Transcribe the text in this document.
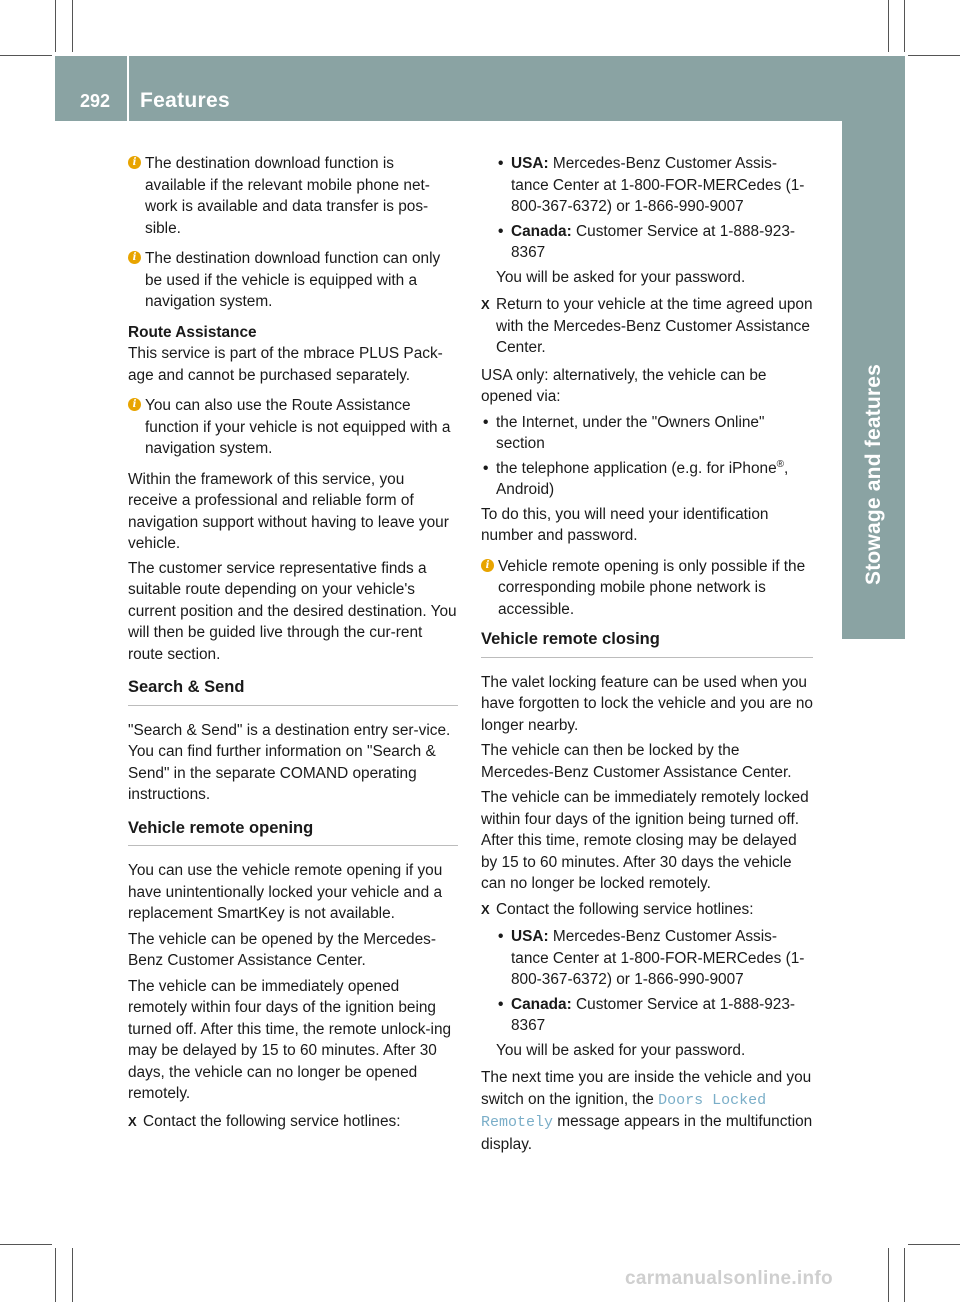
292 Features
Stowage and features

i The destination download function is available if the relevant mobile phone net-work is available and data transfer is pos-sible.

i The destination download function can only be used if the vehicle is equipped with a navigation system.

Route Assistance

This service is part of the mbrace PLUS Pack-age and cannot be purchased separately.

i You can also use the Route Assistance function if your vehicle is not equipped with a navigation system.

Within the framework of this service, you receive a professional and reliable form of navigation support without having to leave your vehicle.

The customer service representative finds a suitable route depending on your vehicle's current position and the desired destination. You will then be guided live through the cur-rent route section.

Search & Send

"Search & Send" is a destination entry ser-vice. You can find further information on "Search & Send" in the separate COMAND operating instructions.

Vehicle remote opening

You can use the vehicle remote opening if you have unintentionally locked your vehicle and a replacement SmartKey is not available.

The vehicle can be opened by the Mercedes-Benz Customer Assistance Center.

The vehicle can be immediately opened remotely within four days of the ignition being turned off. After this time, the remote unlock-ing may be delayed by 15 to 60 minutes. After 30 days, the vehicle can no longer be opened remotely.

X Contact the following service hotlines:

• USA: Mercedes-Benz Customer Assis-tance Center at 1-800-FOR-MERCedes (1-800-367-6372) or 1-866-990-9007
• Canada: Customer Service at 1-888-923-8367

You will be asked for your password.

X Return to your vehicle at the time agreed upon with the Mercedes-Benz Customer Assistance Center.

USA only: alternatively, the vehicle can be opened via:

• the Internet, under the "Owners Online" section
• the telephone application (e.g. for iPhone®, Android)

To do this, you will need your identification number and password.

i Vehicle remote opening is only possible if the corresponding mobile phone network is accessible.

Vehicle remote closing

The valet locking feature can be used when you have forgotten to lock the vehicle and you are no longer nearby.

The vehicle can then be locked by the Mercedes-Benz Customer Assistance Center.

The vehicle can be immediately remotely locked within four days of the ignition being turned off. After this time, remote closing may be delayed by 15 to 60 minutes. After 30 days the vehicle can no longer be locked remotely.

X Contact the following service hotlines:

• USA: Mercedes-Benz Customer Assis-tance Center at 1-800-FOR-MERCedes (1-800-367-6372) or 1-866-990-9007
• Canada: Customer Service at 1-888-923-8367

You will be asked for your password.

The next time you are inside the vehicle and you switch on the ignition, the Doors Locked Remotely message appears in the multifunction display.

carmanualsonline.info
